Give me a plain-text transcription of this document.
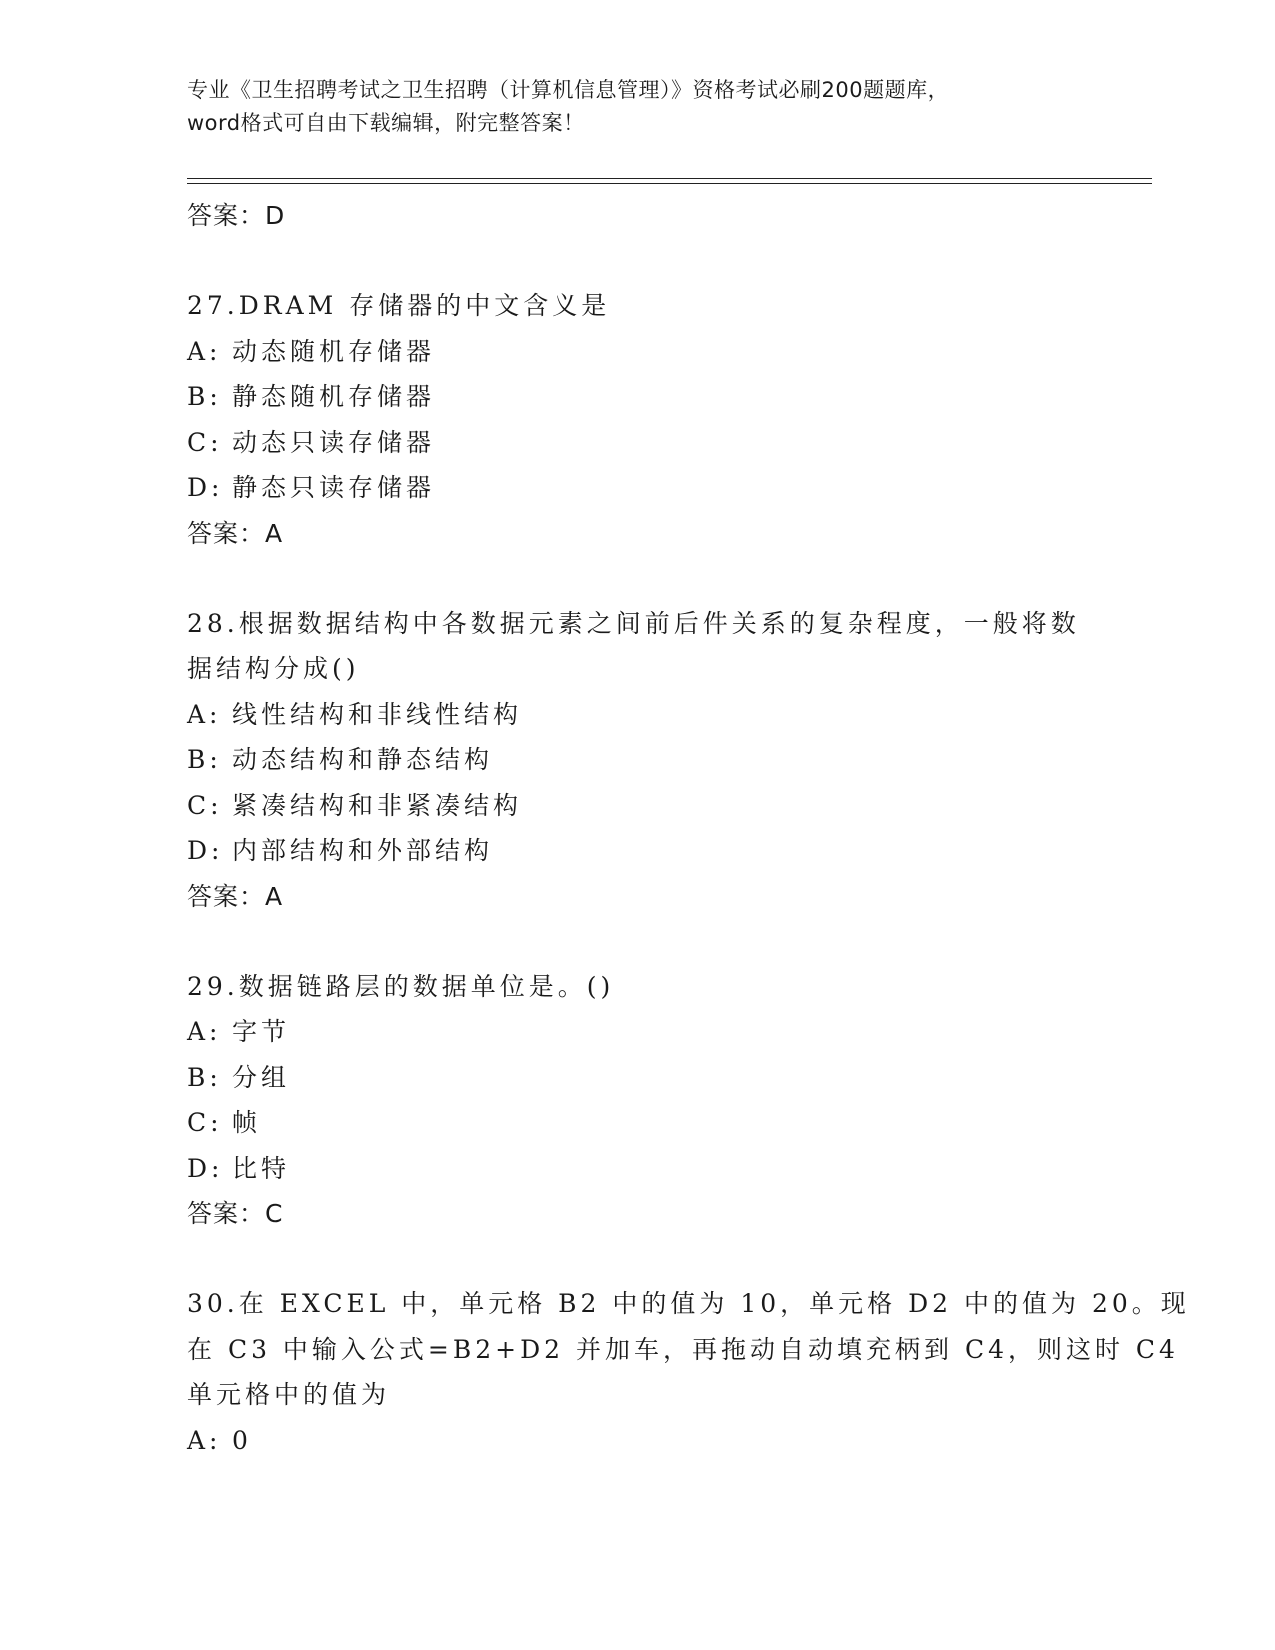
专业《卫生招聘考试之卫生招聘（计算机信息管理）》资格考试必刷200题题库，
word格式可自由下载编辑，附完整答案！
答案：D
27.DRAM 存储器的中文含义是
A: 动态随机存储器
B: 静态随机存储器
C: 动态只读存储器
D: 静态只读存储器
答案：A
28.根据数据结构中各数据元素之间前后件关系的复杂程度，一般将数
据结构分成()
A: 线性结构和非线性结构
B: 动态结构和静态结构
C: 紧凑结构和非紧凑结构
D: 内部结构和外部结构
答案：A
29.数据链路层的数据单位是。()
A: 字节
B: 分组
C: 帧
D: 比特
答案：C
30.在 EXCEL 中，单元格 B2 中的值为 10，单元格 D2 中的值为 20。现
在 C3 中输入公式=B2+D2 并加车，再拖动自动填充柄到 C4，则这时 C4
单元格中的值为
A: 0
